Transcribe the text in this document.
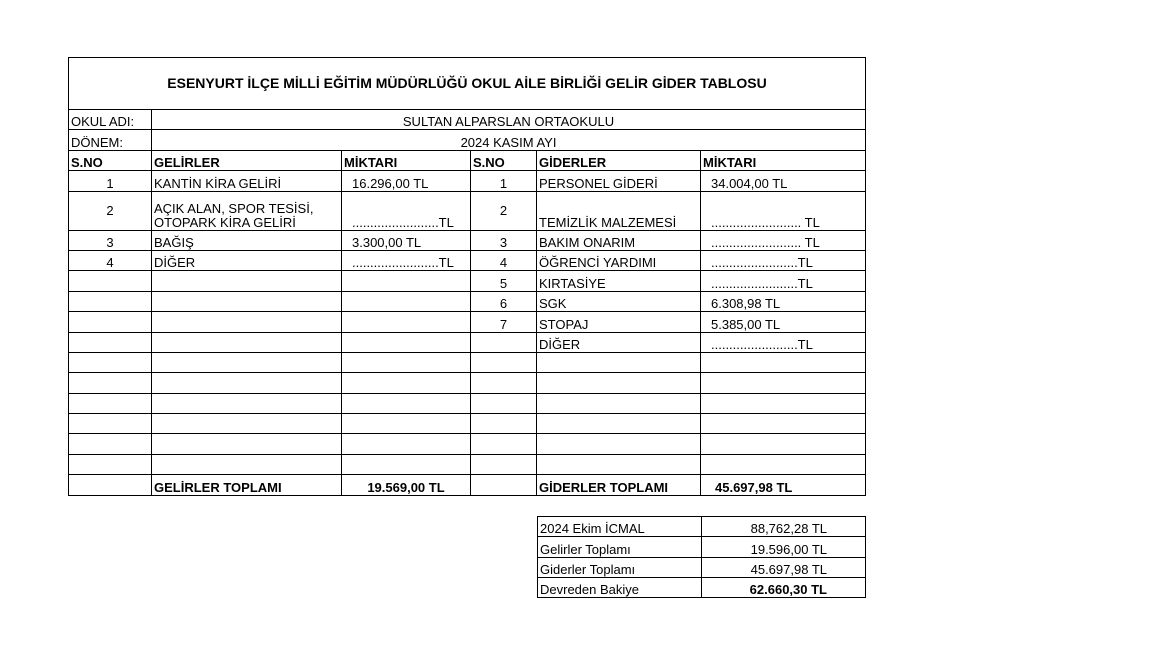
ESENYURT İLÇE MİLLİ EĞİTİM MÜDÜRLÜĞÜ OKUL AİLE BİRLİĞİ GELİR GİDER TABLOSU					
OKUL ADI:	SULTAN ALPARSLAN ORTAOKULU				
DÖNEM:	2024 KASIM AYI				
S.NO	GELİRLER	MİKTARI	S.NO	GİDERLER	MİKTARI
1	KANTİN KİRA GELİRİ	16.296,00 TL	1	PERSONEL GİDERİ	34.004,00 TL
2	AÇIK ALAN, SPOR TESİSİ, OTOPARK KİRA GELİRİ	........................TL	2	TEMİZLİK MALZEMESİ	......................... TL
3	BAĞIŞ	3.300,00 TL	3	BAKIM ONARIM	......................... TL
4	DİĞER	........................TL	4	ÖĞRENCİ YARDIMI	........................TL
			5	KIRTASİYE	........................TL
			6	SGK	6.308,98 TL
			7	STOPAJ	5.385,00 TL
				DİĞER	........................TL

	GELİRLER TOPLAMI	19.569,00 TL		GİDERLER TOPLAMI	45.697,98 TL
2024 Ekim İCMAL	88,762,28 TL
Gelirler Toplamı	19.596,00 TL
Giderler Toplamı	45.697,98 TL
Devreden Bakiye	62.660,30 TL
